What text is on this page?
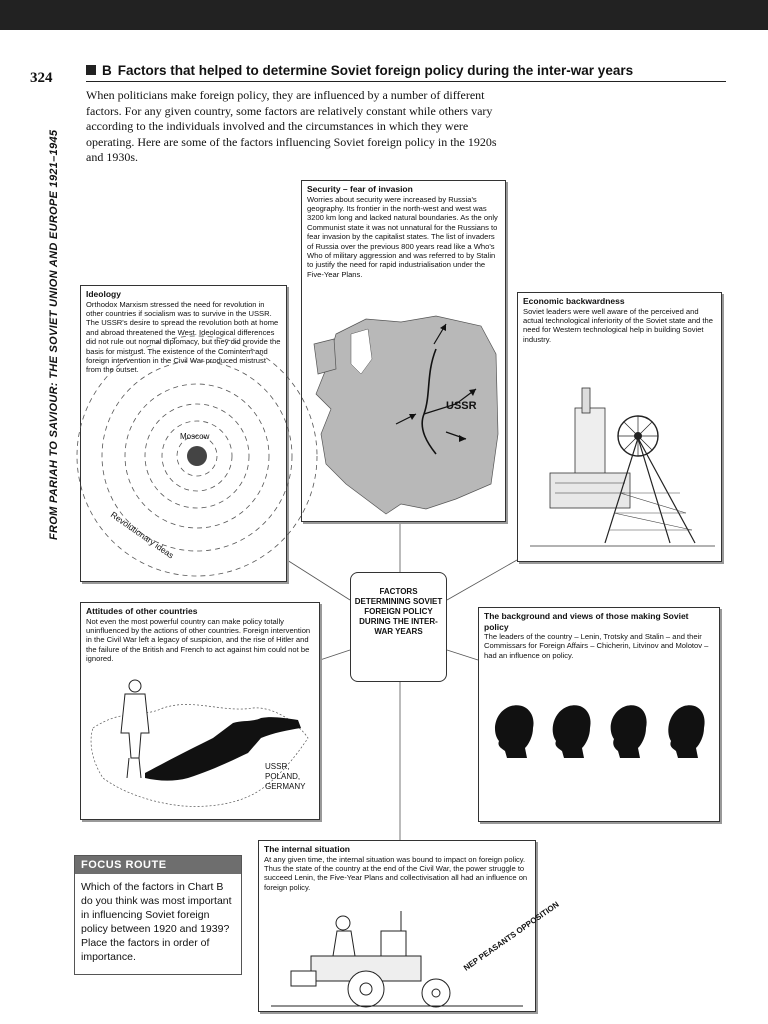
324
FROM PARIAH TO SAVIOUR: THE SOVIET UNION AND EUROPE 1921–1945
B Factors that helped to determine Soviet foreign policy during the inter-war years
When politicians make foreign policy, they are influenced by a number of different factors. For any given country, some factors are relatively constant while others vary according to the individuals involved and the circumstances in which they were operating. Here are some of the factors influencing Soviet foreign policy in the 1920s and 1930s.
Security – fear of invasion
Worries about security were increased by Russia's geography. Its frontier in the north-west and west was 3200 km long and lacked natural boundaries. As the only Communist state it was not unnatural for the Russians to fear invasion by the capitalist states. The list of invaders of Russia over the previous 800 years read like a Who's Who of military aggression and was referred to by Stalin to justify the need for rapid industrialisation under the Five-Year Plans.
USSR
Ideology
Orthodox Marxism stressed the need for revolution in other countries if socialism was to survive in the USSR. The USSR's desire to spread the revolution both at home and abroad threatened the West. Ideological differences did not rule out normal diplomacy, but they did provide the basis for mistrust. The existence of the Comintern and foreign intervention in the Civil War produced mistrust from the outset.
Moscow
Revolutionary ideas
Economic backwardness
Soviet leaders were well aware of the perceived and actual technological inferiority of the Soviet state and the need for Western technological help in building Soviet industry.
FACTORS DETERMINING SOVIET FOREIGN POLICY DURING THE INTER-WAR YEARS
Attitudes of other countries
Not even the most powerful country can make policy totally uninfluenced by the actions of other countries. Foreign intervention in the Civil War left a legacy of suspicion, and the rise of Hitler and the failure of the British and French to act against him could not be ignored.
USSR,
POLAND,
GERMANY
The background and views of those making Soviet policy
The leaders of the country – Lenin, Trotsky and Stalin – and their Commissars for Foreign Affairs – Chicherin, Litvinov and Molotov – had an influence on policy.
The internal situation
At any given time, the internal situation was bound to impact on foreign policy. Thus the state of the country at the end of the Civil War, the power struggle to succeed Lenin, the Five-Year Plans and collectivisation all had an influence on foreign policy.
NEP PEASANTS OPPOSITION
FOCUS ROUTE
Which of the factors in Chart B do you think was most important in influencing Soviet foreign policy between 1920 and 1939? Place the factors in order of importance.
